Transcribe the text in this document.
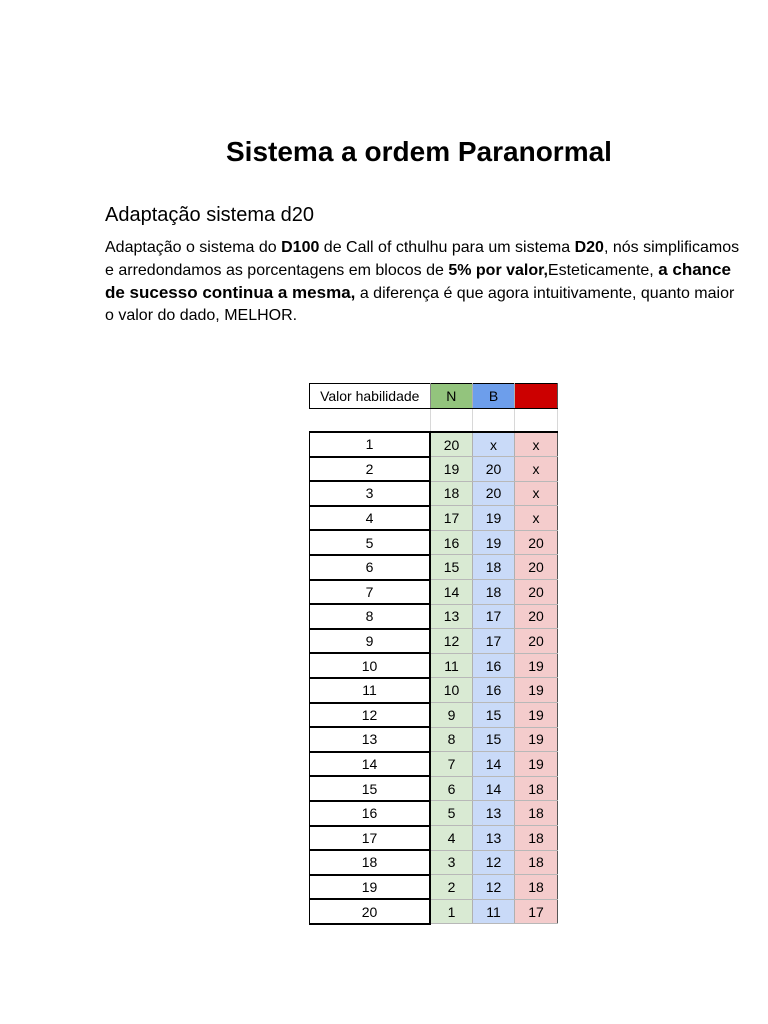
Sistema a ordem Paranormal
Adaptação sistema d20

Adaptação o sistema do D100 de Call of cthulhu para um sistema D20, nós simplificamos e arredondamos as porcentagens em blocos de 5% por valor,Esteticamente, a chance de sucesso continua a mesma, a diferença é que agora intuitivamente, quanto maior o valor do dado, MELHOR.

Valor habilidade	N	B	E

1	20	x	x
2	19	20	x
3	18	20	x
4	17	19	x
5	16	19	20
6	15	18	20
7	14	18	20
8	13	17	20
9	12	17	20
10	11	16	19
11	10	16	19
12	9	15	19
13	8	15	19
14	7	14	19
15	6	14	18
16	5	13	18
17	4	13	18
18	3	12	18
19	2	12	18
20	1	11	17
